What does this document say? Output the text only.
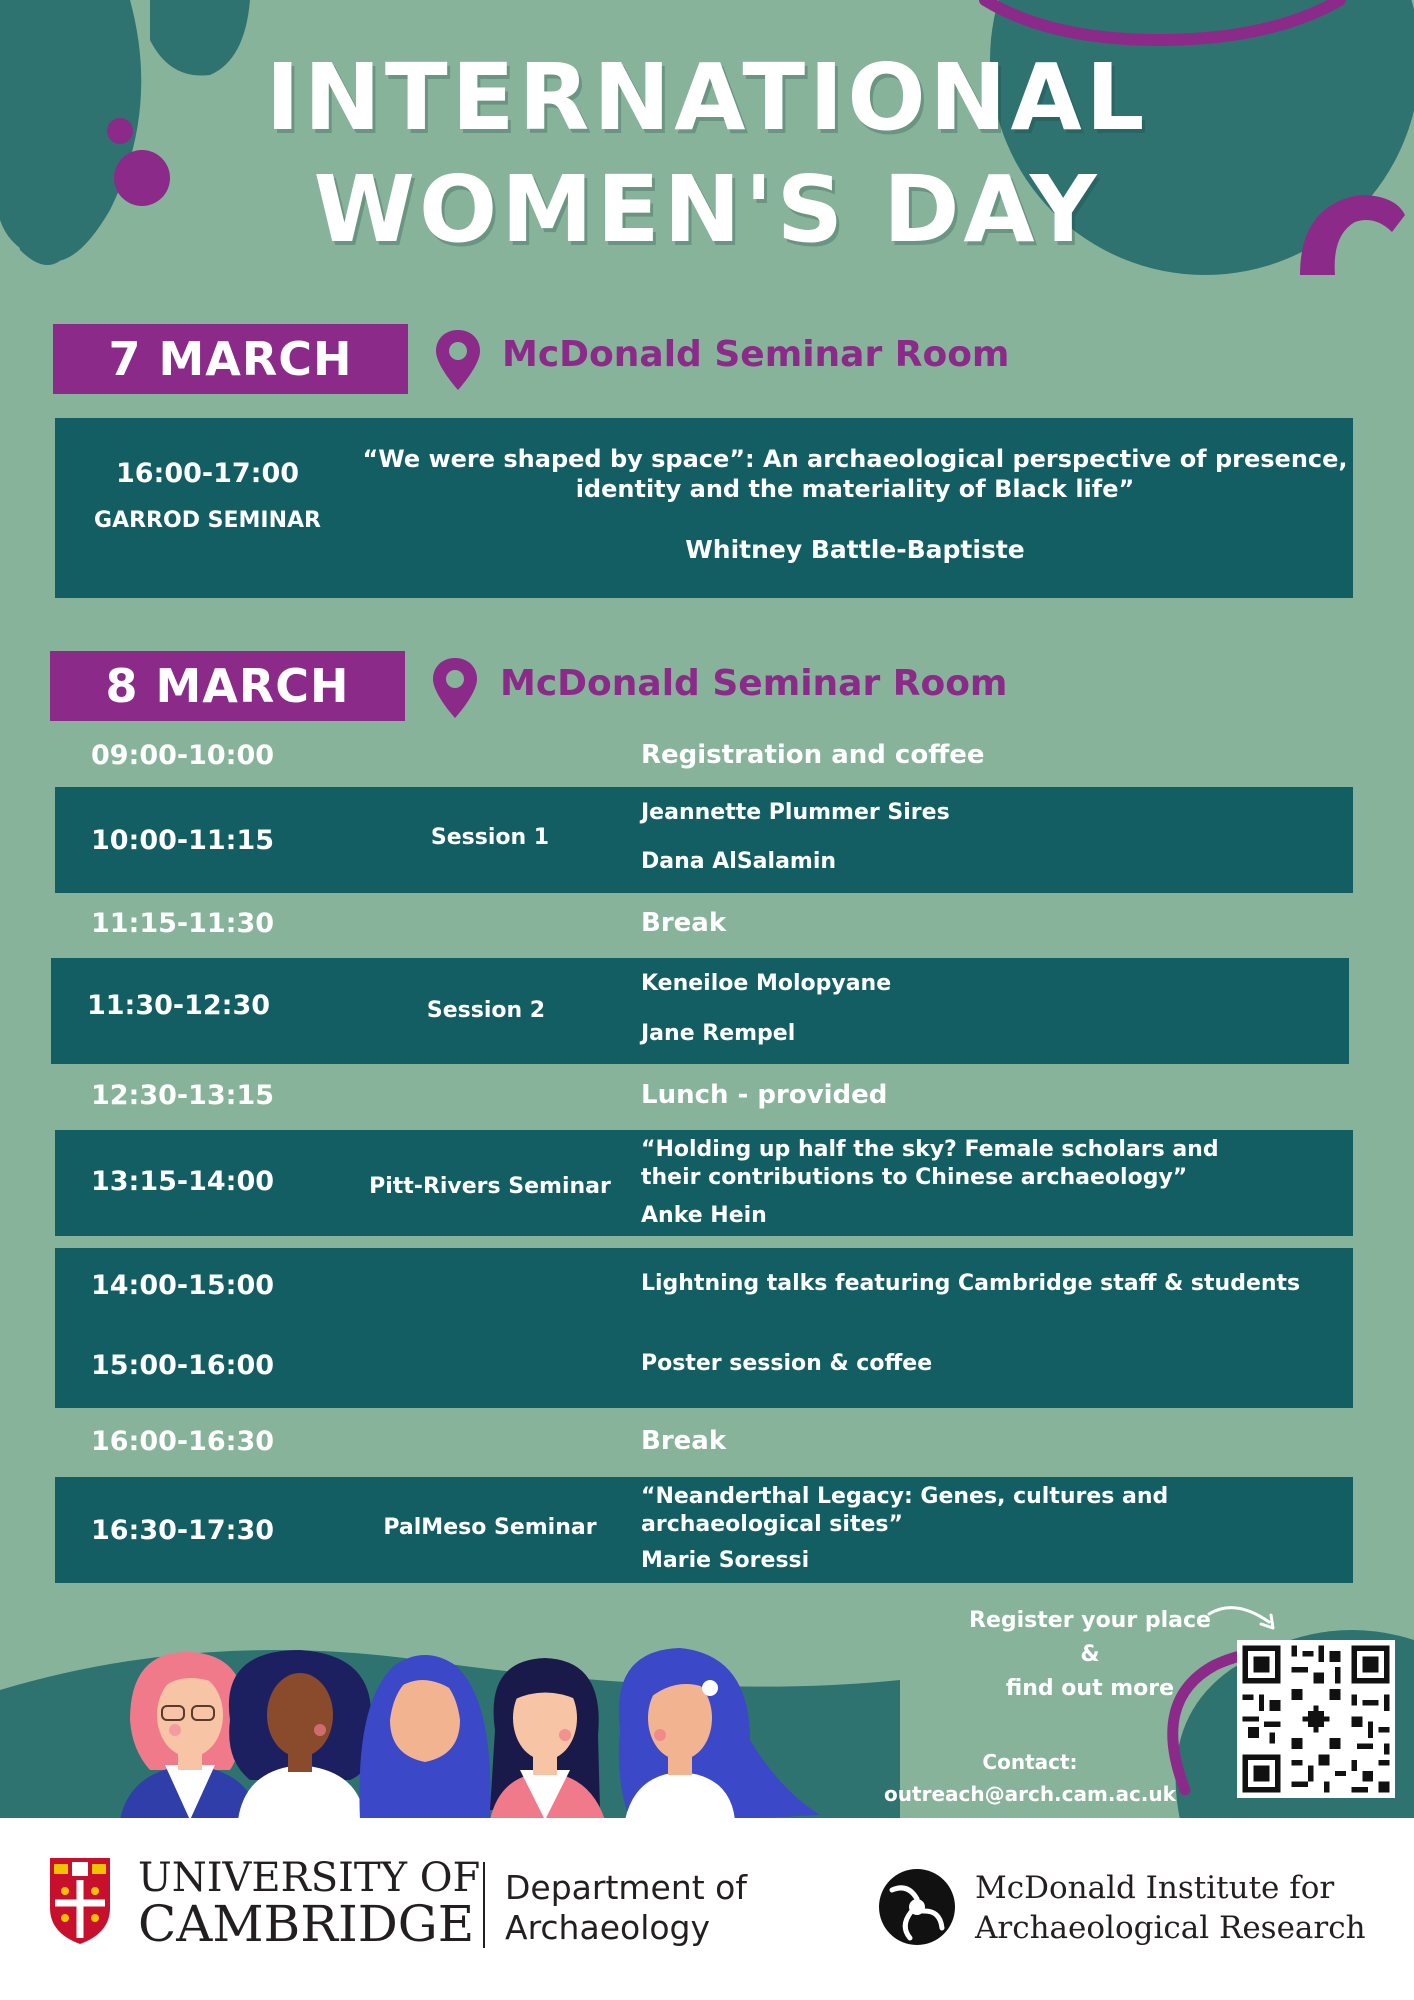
INTERNATIONAL
WOMEN'S DAY
7 MARCH	McDonald Seminar Room
16:00-17:00
GARROD SEMINAR
“We were shaped by space”: An archaeological perspective of presence,
identity and the materiality of Black life”
Whitney Battle-Baptiste
8 MARCH	McDonald Seminar Room
09:00-10:00	Registration and coffee
10:00-11:15	Session 1
Jeannette Plummer Sires
Dana AlSalamin
11:15-11:30	Break
11:30-12:30	Session 2
Keneiloe Molopyane
Jane Rempel
12:30-13:15	Lunch - provided
13:15-14:00	Pitt-Rivers Seminar
“Holding up half the sky? Female scholars and
their contributions to Chinese archaeology”
Anke Hein
14:00-15:00	Lightning talks featuring Cambridge staff & students
15:00-16:00	Poster session & coffee
16:00-16:30	Break
16:30-17:30	PalMeso Seminar
“Neanderthal Legacy: Genes, cultures and
archaeological sites”
Marie Soressi
Register your place &
find out more
Contact:
outreach@arch.cam.ac.uk
UNIVERSITY OF
CAMBRIDGE
Department of
Archaeology
McDonald Institute for
Archaeological Research
